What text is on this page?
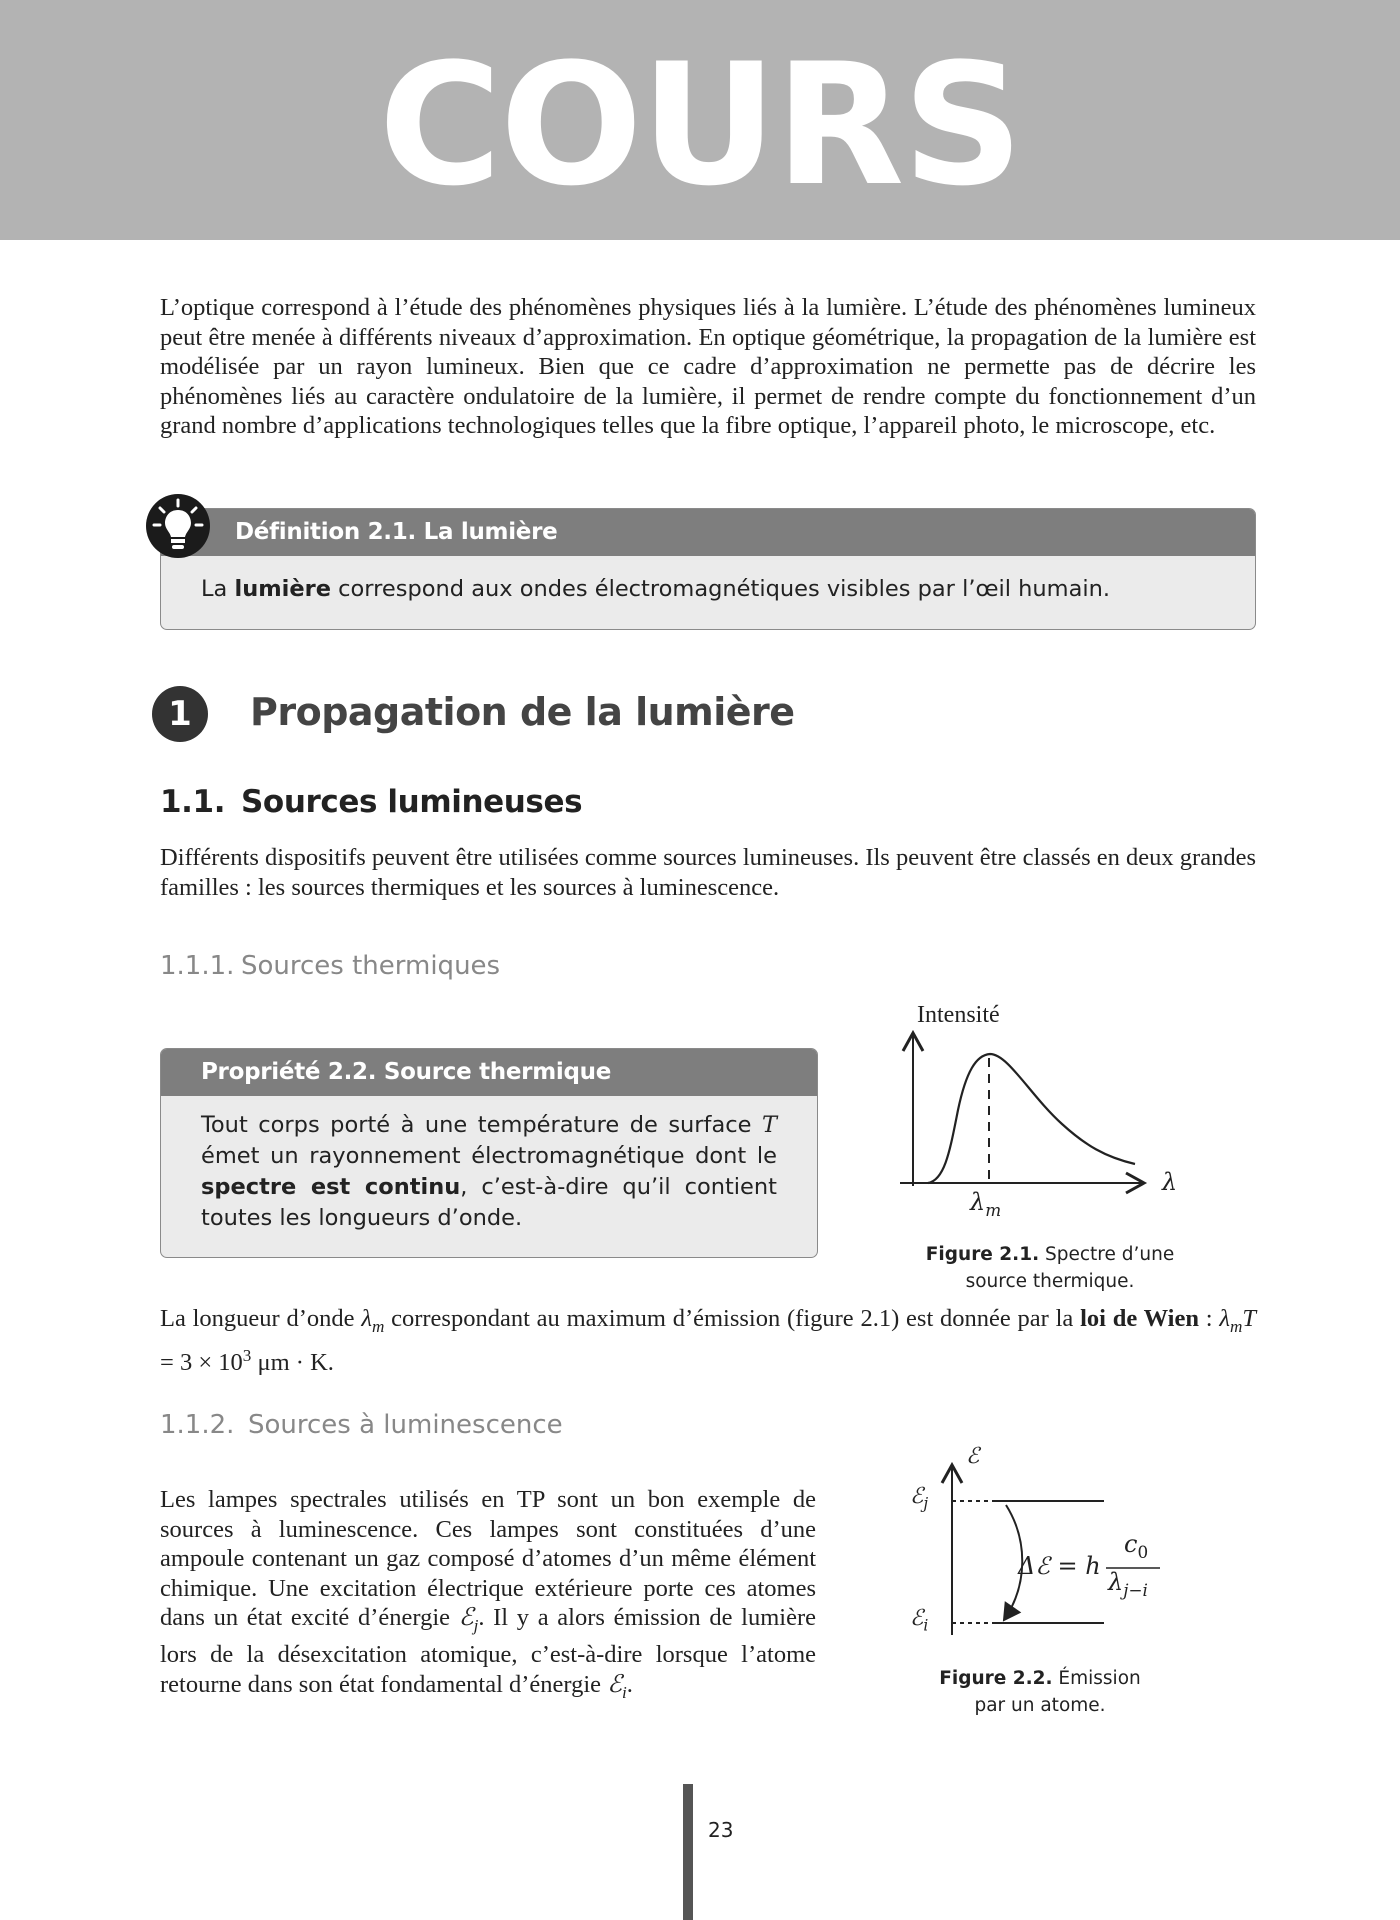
COURS

L’optique correspond à l’étude des phénomènes physiques liés à la lumière. L’étude des phénomènes lumineux peut être menée à différents niveaux d’approximation. En optique géométrique, la propagation de la lumière est modélisée par un rayon lumineux. Bien que ce cadre d’approximation ne permette pas de décrire les phénomènes liés au caractère ondulatoire de la lumière, il permet de rendre compte du fonctionnement d’un grand nombre d’applications technologiques telles que la fibre optique, l’appareil photo, le microscope, etc.

Définition 2.1. La lumière
La lumière correspond aux ondes électromagnétiques visibles par l’œil humain.
1	Propagation de la lumière
1.1. Sources lumineuses

Différents dispositifs peuvent être utilisées comme sources lumineuses. Ils peuvent être classés en deux grandes familles : les sources thermiques et les sources à luminescence.

1.1.1. Sources thermiques
Propriété 2.2. Source thermique
Tout corps porté à une température de surface T émet un rayonnement électromagnétique dont le spectre est continu, c’est-à-dire qu’il contient toutes les longueurs d’onde.
Intensité
λ
$\lambda_m$
Figure 2.1. Spectre d’une
source thermique.

La longueur d’onde $\lambda_m$ correspondant au maximum d’émission (figure 2.1) est donnée par la loi de Wien : $\lambda_mT = 3 \times 10^3$ μm · K.

1.1.2. Sources à luminescence

Les lampes spectrales utilisés en TP sont un bon exemple de sources à luminescence. Ces lampes sont constituées d’une ampoule contenant un gaz composé d’atomes d’un même élément chimique. Une excitation électrique extérieure porte ces atomes dans un état excité d’énergie ℰ$_j$. Il y a alors émission de lumière lors de la désexcitation atomique, c’est-à-dire lorsque l’atome retourne dans son état fondamental d’énergie ℰ$_i$.

ℰ
ℰ$_j$
ℰ$_i$
Δℰ = h
$c_0$
$\lambda_{j-i}$
Figure 2.2. Émission
par un atome.
23
